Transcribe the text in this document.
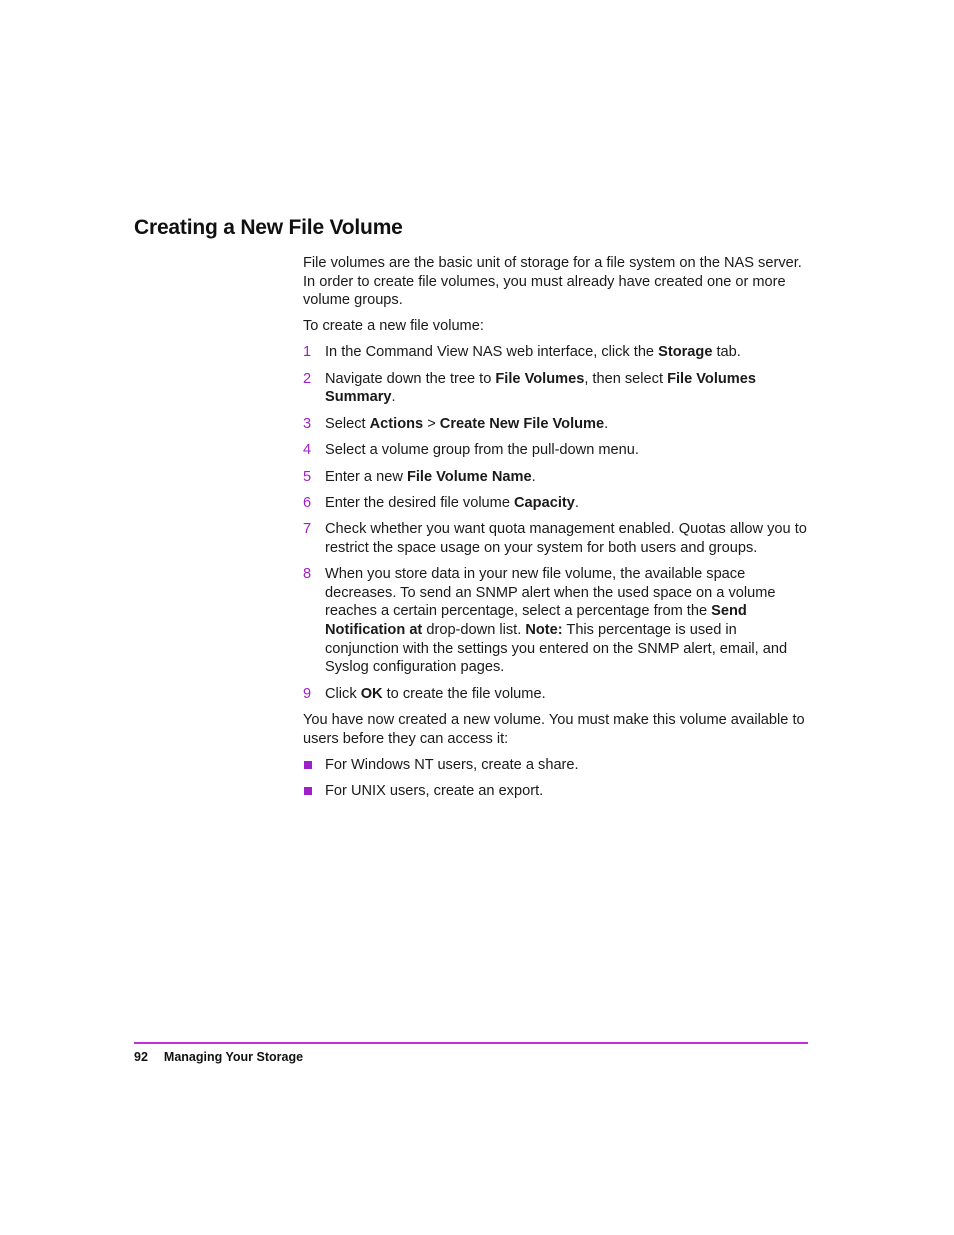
Creating a New File Volume

File volumes are the basic unit of storage for a file system on the NAS server. In order to create file volumes, you must already have created one or more volume groups.

To create a new file volume:

1 In the Command View NAS web interface, click the Storage tab.
2 Navigate down the tree to File Volumes, then select File Volumes Summary.
3 Select Actions > Create New File Volume.
4 Select a volume group from the pull-down menu.
5 Enter a new File Volume Name.
6 Enter the desired file volume Capacity.
7 Check whether you want quota management enabled. Quotas allow you to restrict the space usage on your system for both users and groups.
8 When you store data in your new file volume, the available space decreases. To send an SNMP alert when the used space on a volume reaches a certain percentage, select a percentage from the Send Notification at drop-down list. Note: This percentage is used in conjunction with the settings you entered on the SNMP alert, email, and Syslog configuration pages.
9 Click OK to create the file volume.

You have now created a new volume. You must make this volume available to users before they can access it:

For Windows NT users, create a share.
For UNIX users, create an export.
92 Managing Your Storage
